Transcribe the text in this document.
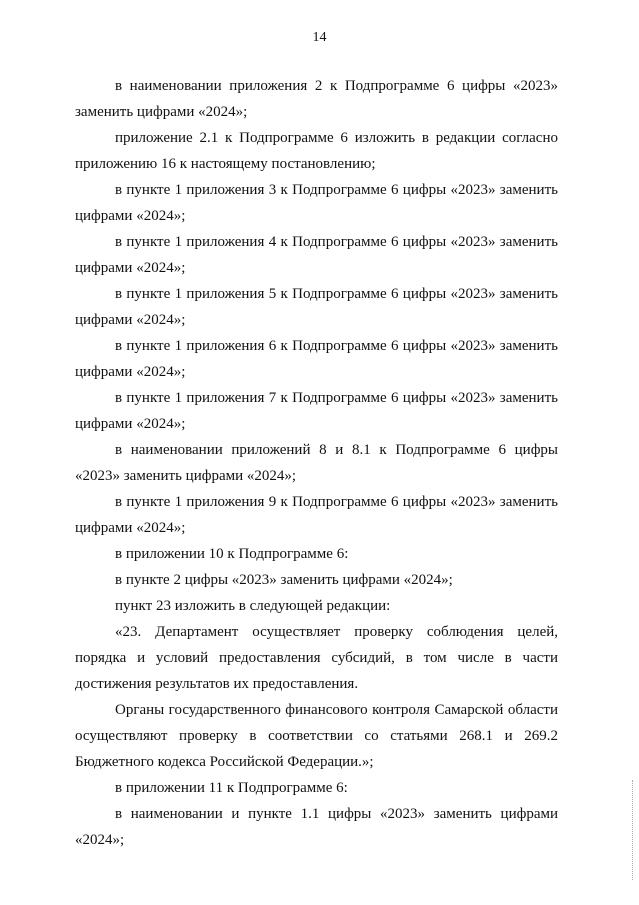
14

в наименовании приложения 2 к Подпрограмме 6 цифры «2023» заменить цифрами «2024»;

приложение 2.1 к Подпрограмме 6 изложить в редакции согласно приложению 16 к настоящему постановлению;

в пункте 1 приложения 3 к Подпрограмме 6 цифры «2023» заменить цифрами «2024»;

в пункте 1 приложения 4 к Подпрограмме 6 цифры «2023» заменить цифрами «2024»;

в пункте 1 приложения 5 к Подпрограмме 6 цифры «2023» заменить цифрами «2024»;

в пункте 1 приложения 6 к Подпрограмме 6 цифры «2023» заменить цифрами «2024»;

в пункте 1 приложения 7 к Подпрограмме 6 цифры «2023» заменить цифрами «2024»;

в наименовании приложений 8 и 8.1 к Подпрограмме 6 цифры «2023» заменить цифрами «2024»;

в пункте 1 приложения 9 к Подпрограмме 6 цифры «2023» заменить цифрами «2024»;

в приложении 10 к Подпрограмме 6:

в пункте 2 цифры «2023» заменить цифрами «2024»;

пункт 23 изложить в следующей редакции:

«23. Департамент осуществляет проверку соблюдения целей, порядка и условий предоставления субсидий, в том числе в части достижения результатов их предоставления.

Органы государственного финансового контроля Самарской области осуществляют проверку в соответствии со статьями 268.1 и 269.2 Бюджетного кодекса Российской Федерации.»;

в приложении 11 к Подпрограмме 6:

в наименовании и пункте 1.1 цифры «2023» заменить цифрами «2024»;
